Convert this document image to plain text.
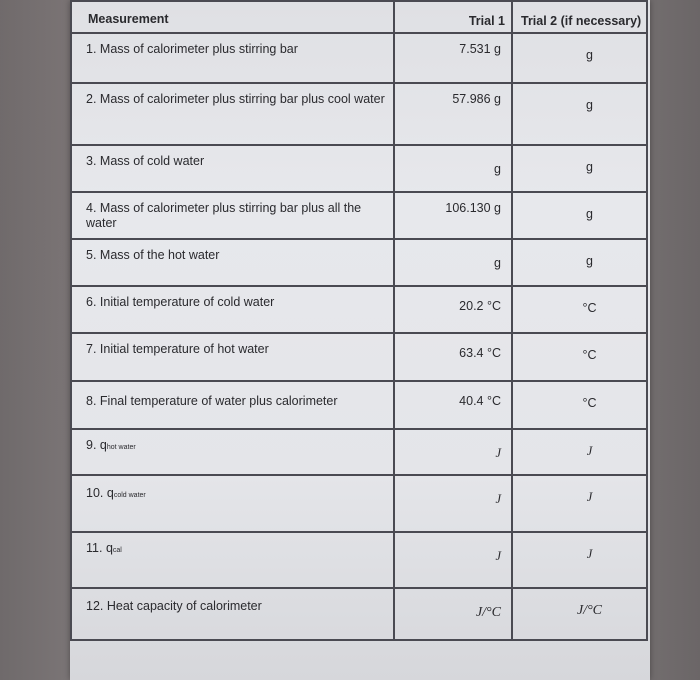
Measurement	Trial 1	Trial 2 (if necessary)

1. Mass of calorimeter plus stirring bar	7.531 g	g

2. Mass of calorimeter plus stirring bar plus cool water	57.986 g	g

3. Mass of cold water	g	g

4. Mass of calorimeter plus stirring bar plus all the water	106.130 g	g

5. Mass of the hot water	g	g

6. Initial temperature of cold water	20.2 °C	°C

7. Initial temperature of hot water	63.4 °C	°C

8. Final temperature of water plus calorimeter	40.4 °C	°C

9. qhot water	J	J

10. qcold water	J	J

11. qcal	J	J

12. Heat capacity of calorimeter	J/°C	J/°C
